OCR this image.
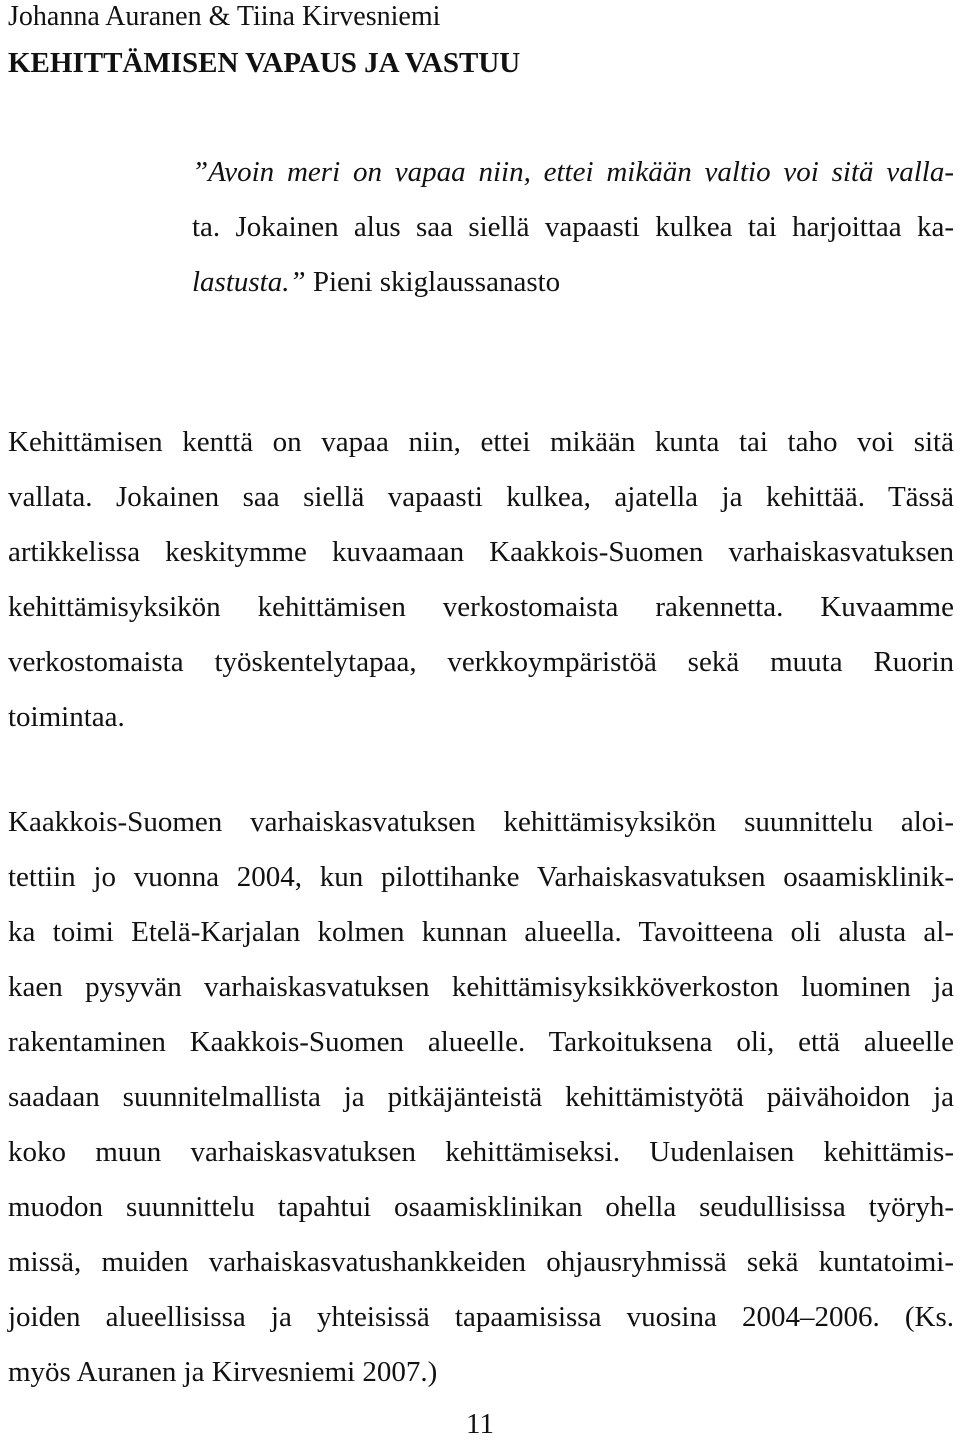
Johanna Auranen & Tiina Kirvesniemi
KEHITTÄMISEN VAPAUS JA VASTUU
”Avoin meri on vapaa niin, ettei mikään valtio voi sitä valla-
ta. Jokainen alus saa siellä vapaasti kulkea tai harjoittaa ka-
lastusta.” Pieni skiglaussanasto
Kehittämisen kenttä on vapaa niin, ettei mikään kunta tai taho voi sitä
vallata. Jokainen saa siellä vapaasti kulkea, ajatella ja kehittää. Tässä
artikkelissa keskitymme kuvaamaan Kaakkois-Suomen varhaiskasvatuksen
kehittämisyksikön kehittämisen verkostomaista rakennetta. Kuvaamme
verkostomaista työskentelytapaa, verkkoympäristöä sekä muuta Ruorin
toimintaa.
Kaakkois-Suomen varhaiskasvatuksen kehittämisyksikön suunnittelu aloi-
tettiin jo vuonna 2004, kun pilottihanke Varhaiskasvatuksen osaamisklinik-
ka toimi Etelä-Karjalan kolmen kunnan alueella. Tavoitteena oli alusta al-
kaen pysyvän varhaiskasvatuksen kehittämisyksikköverkoston luominen ja
rakentaminen Kaakkois-Suomen alueelle. Tarkoituksena oli, että alueelle
saadaan suunnitelmallista ja pitkäjänteistä kehittämistyötä päivähoidon ja
koko muun varhaiskasvatuksen kehittämiseksi. Uudenlaisen kehittämis-
muodon suunnittelu tapahtui osaamisklinikan ohella seudullisissa työryh-
missä, muiden varhaiskasvatushankkeiden ohjausryhmissä sekä kuntatoimi-
joiden alueellisissa ja yhteisissä tapaamisissa vuosina 2004–2006. (Ks.
myös Auranen ja Kirvesniemi 2007.)
11
